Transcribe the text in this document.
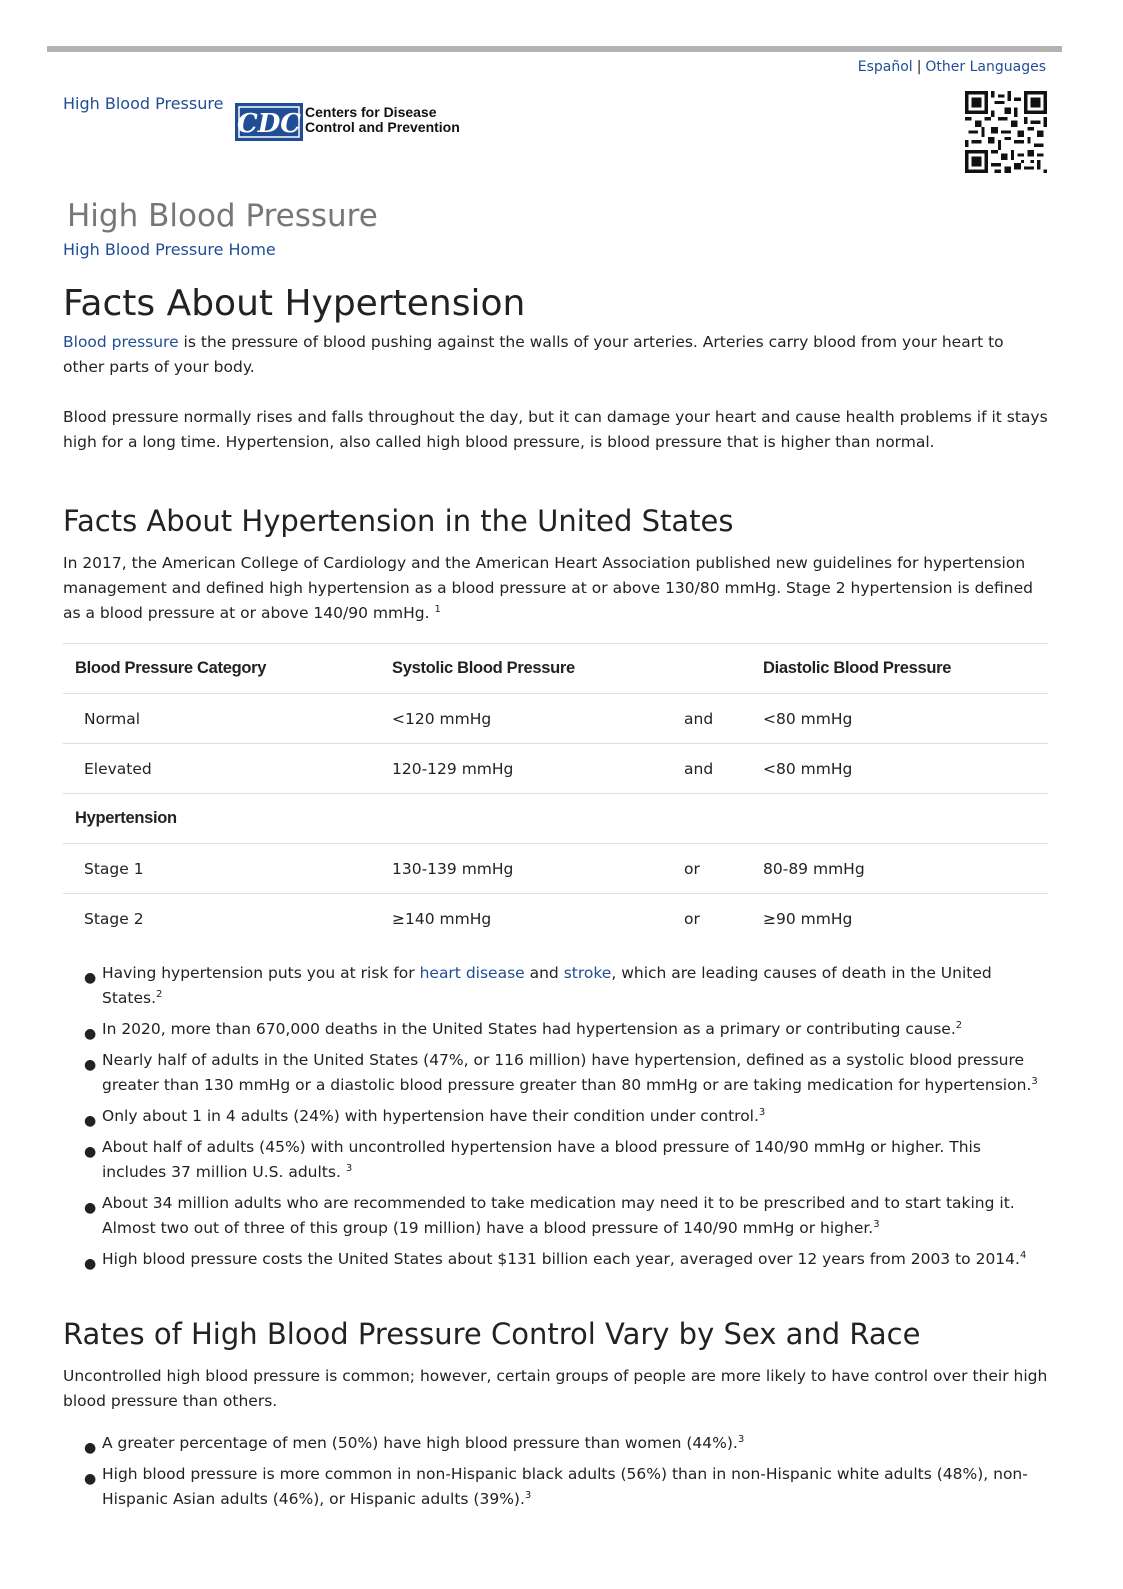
Español | Other Languages
High Blood Pressure
CDC Centers for Disease
Control and Prevention
High Blood Pressure
High Blood Pressure Home
Facts About Hypertension

Blood pressure is the pressure of blood pushing against the walls of your arteries. Arteries carry blood from your heart to other parts of your body.

Blood pressure normally rises and falls throughout the day, but it can damage your heart and cause health problems if it stays high for a long time. Hypertension, also called high blood pressure, is blood pressure that is higher than normal.

Facts About Hypertension in the United States

In 2017, the American College of Cardiology and the American Heart Association published new guidelines for hypertension management and defined high hypertension as a blood pressure at or above 130/80 mmHg. Stage 2 hypertension is defined as a blood pressure at or above 140/90 mmHg. $^1$

Blood Pressure Category	Systolic Blood Pressure		Diastolic Blood Pressure
Normal	<120 mmHg	and	<80 mmHg
Elevated	120-129 mmHg	and	<80 mmHg
Hypertension			
Stage 1	130-139 mmHg	or	80-89 mmHg
Stage 2	≥140 mmHg	or	≥90 mmHg
● Having hypertension puts you at risk for heart disease and stroke, which are leading causes of death in the United States.$^2$
● In 2020, more than 670,000 deaths in the United States had hypertension as a primary or contributing cause.$^2$
● Nearly half of adults in the United States (47%, or 116 million) have hypertension, defined as a systolic blood pressure greater than 130 mmHg or a diastolic blood pressure greater than 80 mmHg or are taking medication for hypertension.$^3$
● Only about 1 in 4 adults (24%) with hypertension have their condition under control.$^3$
● About half of adults (45%) with uncontrolled hypertension have a blood pressure of 140/90 mmHg or higher. This includes 37 million U.S. adults. $^3$
● About 34 million adults who are recommended to take medication may need it to be prescribed and to start taking it. Almost two out of three of this group (19 million) have a blood pressure of 140/90 mmHg or higher.$^3$
● High blood pressure costs the United States about $131 billion each year, averaged over 12 years from 2003 to 2014.$^4$
Rates of High Blood Pressure Control Vary by Sex and Race

Uncontrolled high blood pressure is common; however, certain groups of people are more likely to have control over their high blood pressure than others.

● A greater percentage of men (50%) have high blood pressure than women (44%).$^3$
● High blood pressure is more common in non-Hispanic black adults (56%) than in non-Hispanic white adults (48%), non-Hispanic Asian adults (46%), or Hispanic adults (39%).$^3$
